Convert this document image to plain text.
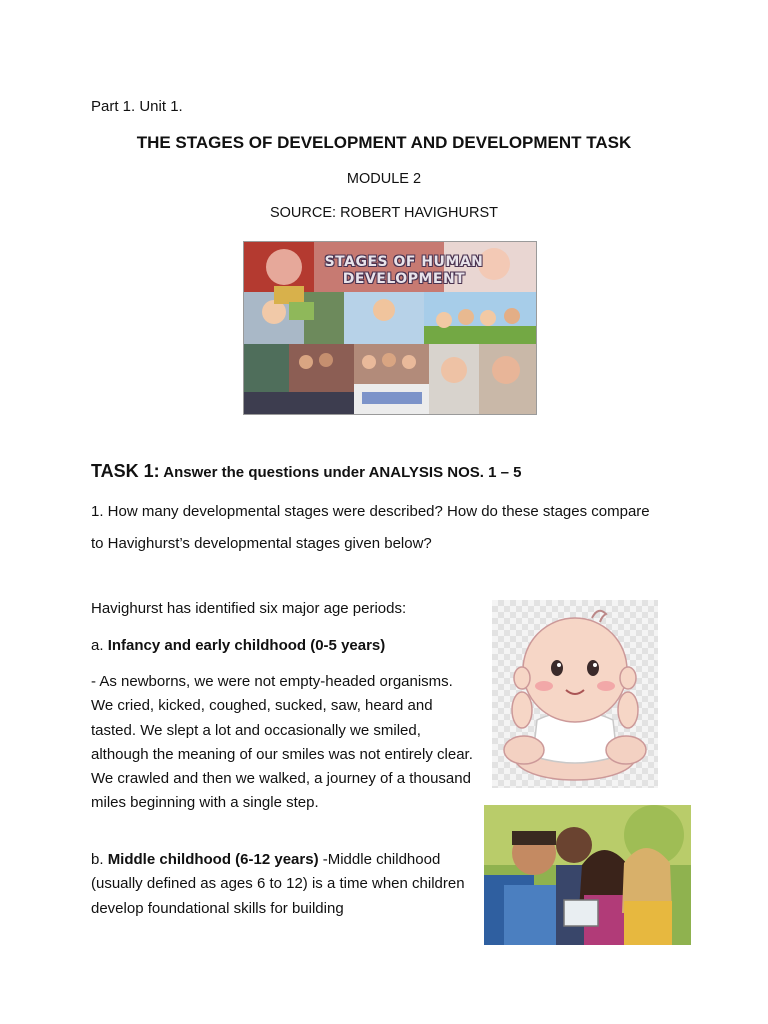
Part 1. Unit 1.
THE STAGES OF DEVELOPMENT AND DEVELOPMENT TASK
MODULE 2
SOURCE: ROBERT HAVIGHURST
STAGES OF HUMAN
DEVELOPMENT
TASK 1: Answer the questions under ANALYSIS NOS. 1 – 5
1. How many developmental stages were described? How do these stages compare to Havighurst’s developmental stages given below?
Havighurst has identified six major age periods:
a. Infancy and early childhood (0-5 years)
- As newborns, we were not empty-headed organisms. We cried, kicked, coughed, sucked, saw, heard and tasted. We slept a lot and occasionally we smiled, although the meaning of our smiles was not entirely clear. We crawled and then we walked, a journey of a thousand miles beginning with a single step.
b. Middle childhood (6-12 years) -Middle childhood (usually defined as ages 6 to 12) is a time when children develop foundational skills for building
